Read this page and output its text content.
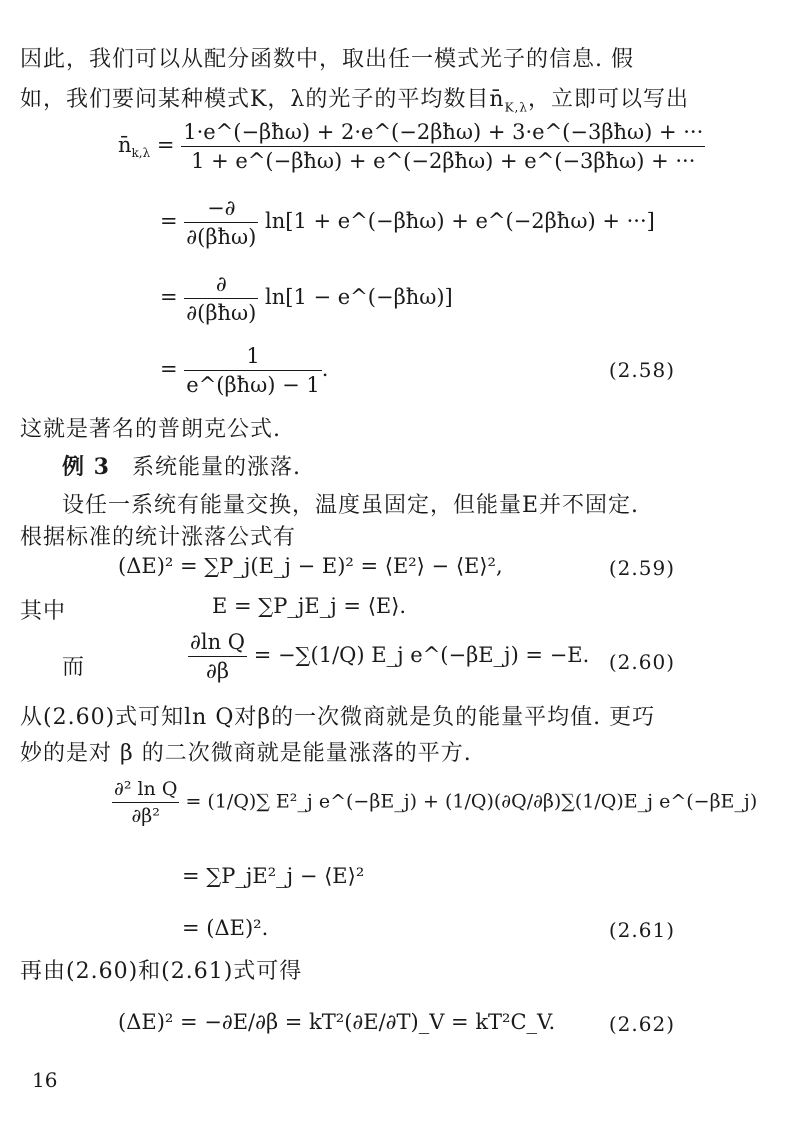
因此，我们可以从配分函数中，取出任一模式光子的信息. 假
如，我们要问某种模式K，λ的光子的平均数目$n̄_{K,\lambda}$，立即可以写出
$n̄_{k,\lambda} = \frac{\text{1·e\textasciicircum{}(−βħω) + 2·e\textasciicircum{}(−2βħω) + 3·e\textasciicircum{}(−3βħω) + ···}}{\text{1 + e\textasciicircum{}(−βħω) + e\textasciicircum{}(−2βħω) + e\textasciicircum{}(−3βħω) + ···}}$
= $\frac{-\partial}{\text{∂(βħω)}} \ln[1$ + e^(−βħω) + e^(−2βħω) + ···]
= $\frac{\partial}{\text{∂(βħω)}} \ln[1$ − e^(−βħω)]
= $\frac{1}{\text{e\textasciicircum{}(βħω) − 1}}$ .	(2.58)
这就是著名的普朗克公式.
例 3 系统能量的涨落.
设任一系统有能量交换，温度虽固定，但能量E并不固定.
根据标准的统计涨落公式有
(ΔE)² = ∑P_j(E_j − E)² = ⟨E²⟩ − ⟨E⟩²,	(2.59)
其中	E = ∑P_jE_j = ⟨E⟩.
而	$\frac{\text{∂ln Q}}{\partial\beta} = -\sum(1/Q)$ E_j e^(−βE_j) = −E. (2.60)
从(2.60)式可知ln Q对β的一次微商就是负的能量平均值. 更巧
妙的是对 β 的二次微商就是能量涨落的平方.
$\frac{\text{∂² ln Q}}{\text{∂β²}} = (1/Q)\sum$ E²_j e^(−βE_j) + (1/Q)(∂Q/∂β)∑(1/Q)E_j e^(−βE_j)
= ∑P_jE²_j − ⟨E⟩²
= (ΔE)².	(2.61)
再由(2.60)和(2.61)式可得
(ΔE)² = −∂E/∂β = kT²(∂E/∂T)_V = kT²C_V.	(2.62)
16
